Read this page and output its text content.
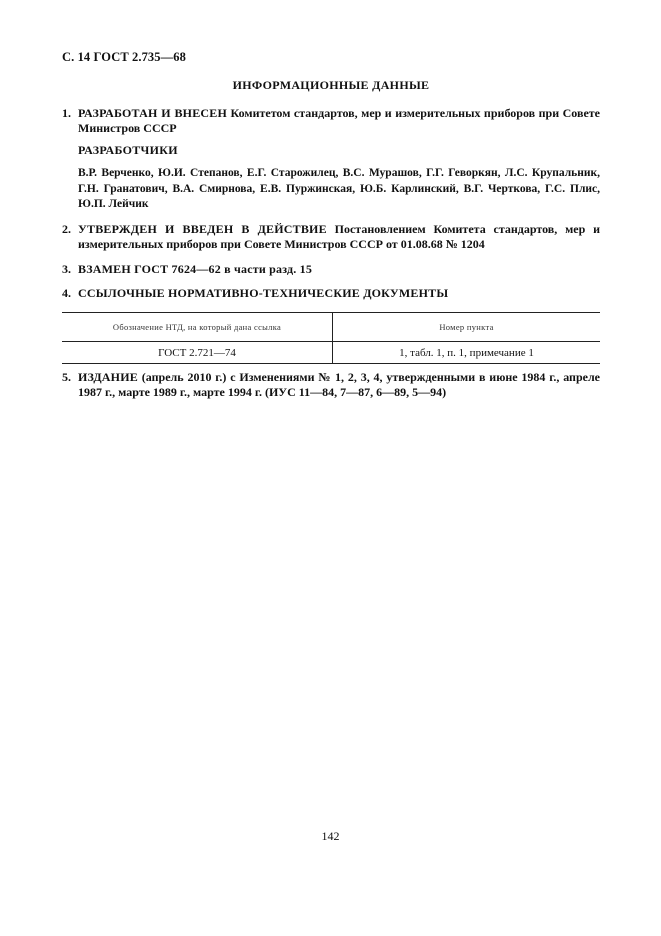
С. 14 ГОСТ 2.735—68
ИНФОРМАЦИОННЫЕ ДАННЫЕ
1. РАЗРАБОТАН И ВНЕСЕН Комитетом стандартов, мер и измерительных приборов при Совете Министров СССР
РАЗРАБОТЧИКИ
В.Р. Верченко, Ю.И. Степанов, Е.Г. Старожилец, В.С. Мурашов, Г.Г. Геворкян, Л.С. Крупальник, Г.Н. Гранатович, В.А. Смирнова, Е.В. Пуржинская, Ю.Б. Карлинский, В.Г. Черткова, Г.С. Плис, Ю.П. Лейчик
2. УТВЕРЖДЕН И ВВЕДЕН В ДЕЙСТВИЕ Постановлением Комитета стандартов, мер и измерительных приборов при Совете Министров СССР от 01.08.68 № 1204
3. ВЗАМЕН ГОСТ 7624—62 в части разд. 15
4. ССЫЛОЧНЫЕ НОРМАТИВНО-ТЕХНИЧЕСКИЕ ДОКУМЕНТЫ
Обозначение НТД, на который дана ссылка	Номер пункта
ГОСТ 2.721—74	1, табл. 1, п. 1, примечание 1
5. ИЗДАНИЕ (апрель 2010 г.) с Изменениями № 1, 2, 3, 4, утвержденными в июне 1984 г., апреле 1987 г., марте 1989 г., марте 1994 г. (ИУС 11—84, 7—87, 6—89, 5—94)
142
